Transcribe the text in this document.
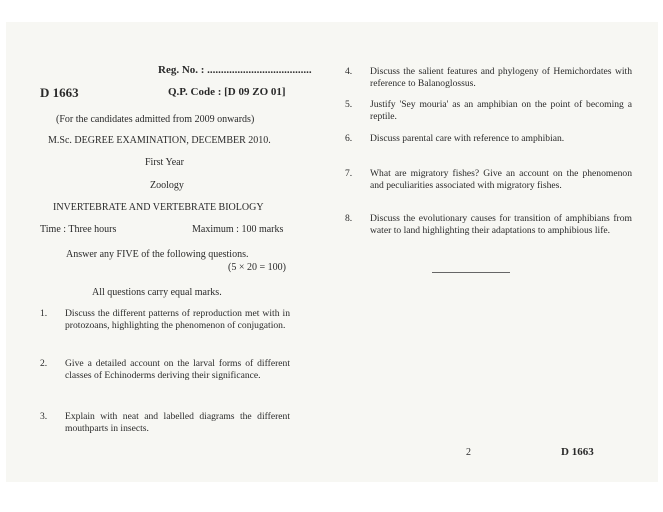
Reg. No. : ......................................
D 1663	Q.P. Code : [D 09 ZO 01]
(For the candidates admitted from 2009 onwards)
M.Sc. DEGREE EXAMINATION, DECEMBER 2010.
First Year
Zoology
INVERTEBRATE AND VERTEBRATE BIOLOGY
Time : Three hours	Maximum : 100 marks
Answer any FIVE of the following questions.
(5 × 20 = 100)
All questions carry equal marks.
1. Discuss the different patterns of reproduction met with in protozoans, highlighting the phenomenon of conjugation.
2. Give a detailed account on the larval forms of different classes of Echinoderms deriving their significance.
3. Explain with neat and labelled diagrams the different mouthparts in insects.
4. Discuss the salient features and phylogeny of Hemichordates with reference to Balanoglossus.
5. Justify 'Sey mouria' as an amphibian on the point of becoming a reptile.
6. Discuss parental care with reference to amphibian.
7. What are migratory fishes? Give an account on the phenomenon and peculiarities associated with migratory fishes.
8. Discuss the evolutionary causes for transition of amphibians from water to land highlighting their adaptations to amphibious life.
2	D 1663
